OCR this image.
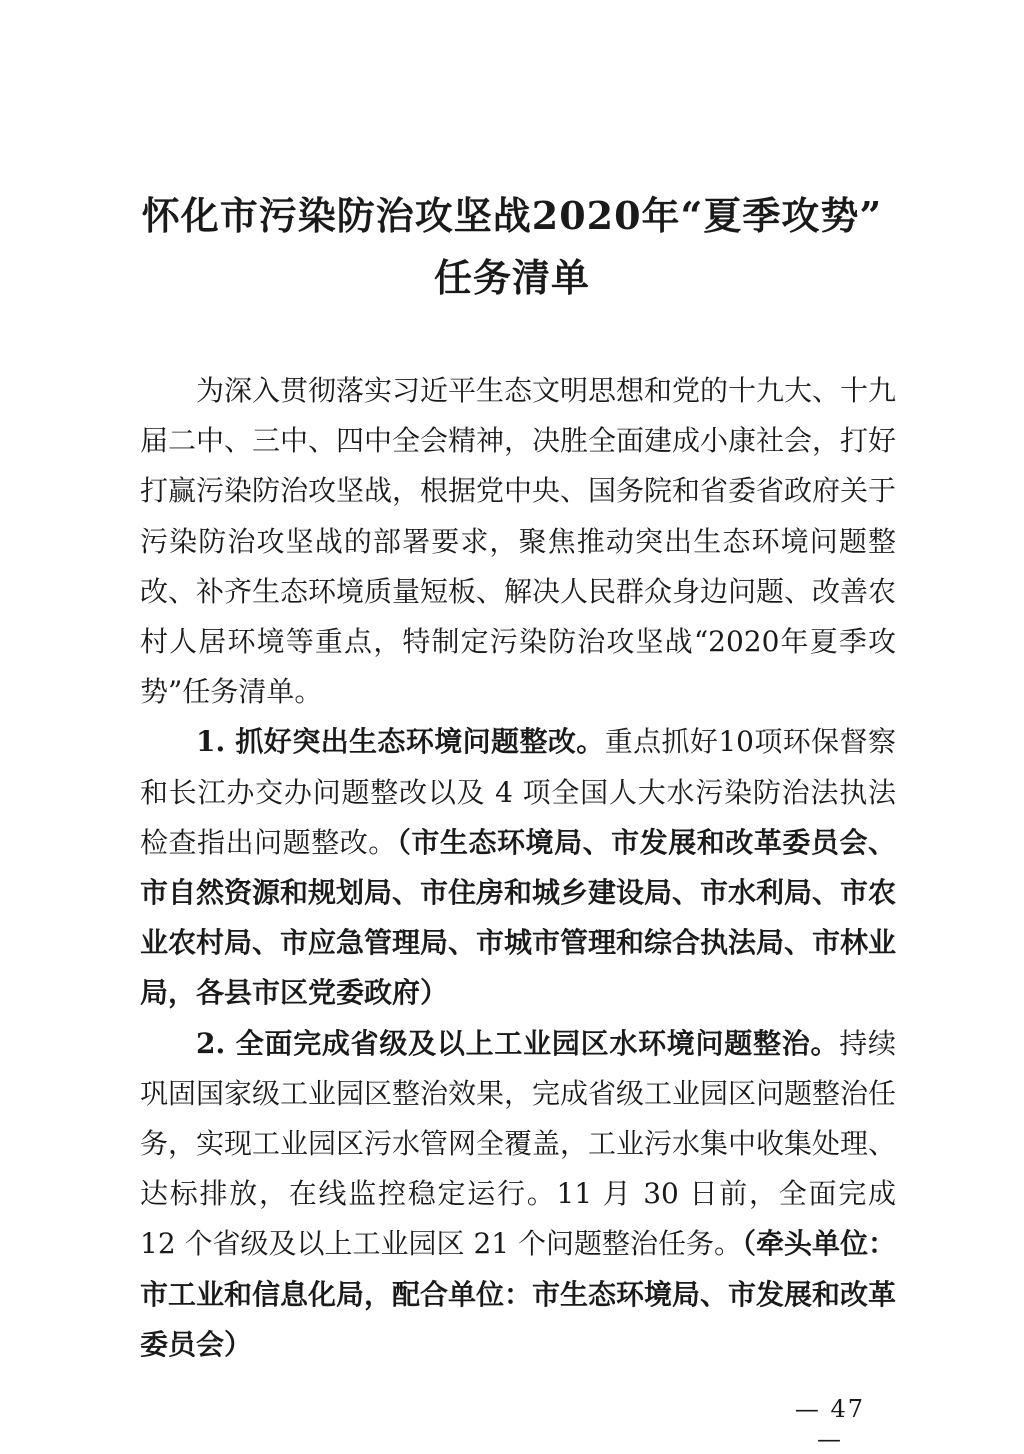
怀化市污染防治攻坚战2020年“夏季攻势”
任务清单

为深入贯彻落实习近平生态文明思想和党的十九大、十九届二中、三中、四中全会精神，决胜全面建成小康社会，打好打赢污染防治攻坚战，根据党中央、国务院和省委省政府关于污染防治攻坚战的部署要求，聚焦推动突出生态环境问题整改、补齐生态环境质量短板、解决人民群众身边问题、改善农村人居环境等重点，特制定污染防治攻坚战“2020年夏季攻势”任务清单。

1. 抓好突出生态环境问题整改。重点抓好10项环保督察和长江办交办问题整改以及 4 项全国人大水污染防治法执法检查指出问题整改。（市生态环境局、市发展和改革委员会、市自然资源和规划局、市住房和城乡建设局、市水利局、市农业农村局、市应急管理局、市城市管理和综合执法局、市林业局，各县市区党委政府）

2. 全面完成省级及以上工业园区水环境问题整治。持续巩固国家级工业园区整治效果，完成省级工业园区问题整治任务，实现工业园区污水管网全覆盖，工业污水集中收集处理、达标排放，在线监控稳定运行。11 月 30 日前，全面完成 12 个省级及以上工业园区 21 个问题整治任务。（牵头单位：市工业和信息化局，配合单位：市生态环境局、市发展和改革委员会）

— 47 —
